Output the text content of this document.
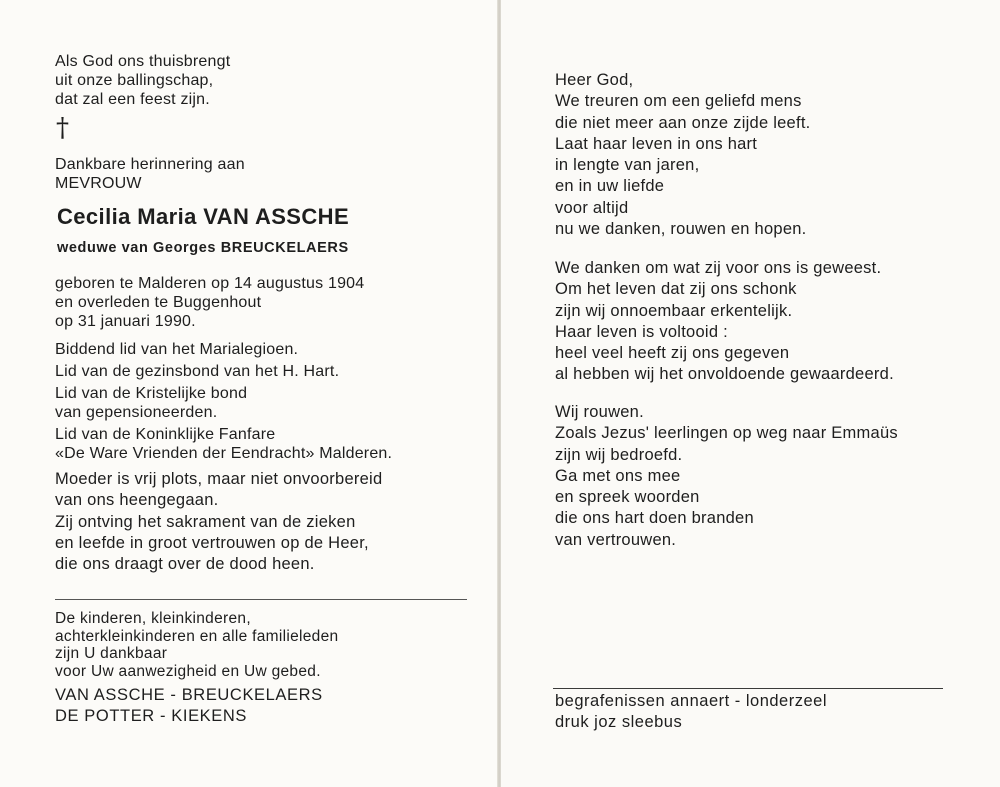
Als God ons thuisbrengt
uit onze ballingschap,
dat zal een feest zijn.
†
Dankbare herinnering aan
MEVROUW
Cecilia Maria VAN ASSCHE
weduwe van Georges BREUCKELAERS
geboren te Malderen op 14 augustus 1904
en overleden te Buggenhout
op 31 januari 1990.
Biddend lid van het Marialegioen.
Lid van de gezinsbond van het H. Hart.
Lid van de Kristelijke bond
van gepensioneerden.
Lid van de Koninklijke Fanfare
«De Ware Vrienden der Eendracht» Malderen.
Moeder is vrij plots, maar niet onvoorbereid
van ons heengegaan.
Zij ontving het sakrament van de zieken
en leefde in groot vertrouwen op de Heer,
die ons draagt over de dood heen.
De kinderen, kleinkinderen,
achterkleinkinderen en alle familieleden
zijn U dankbaar
voor Uw aanwezigheid en Uw gebed.
VAN ASSCHE - BREUCKELAERS
DE POTTER - KIEKENS
Heer God,
We treuren om een geliefd mens
die niet meer aan onze zijde leeft.
Laat haar leven in ons hart
in lengte van jaren,
en in uw liefde
voor altijd
nu we danken, rouwen en hopen.
We danken om wat zij voor ons is geweest.
Om het leven dat zij ons schonk
zijn wij onnoembaar erkentelijk.
Haar leven is voltooid :
heel veel heeft zij ons gegeven
al hebben wij het onvoldoende gewaardeerd.
Wij rouwen.
Zoals Jezus' leerlingen op weg naar Emmaüs
zijn wij bedroefd.
Ga met ons mee
en spreek woorden
die ons hart doen branden
van vertrouwen.
begrafenissen annaert - londerzeel
druk joz sleebus
